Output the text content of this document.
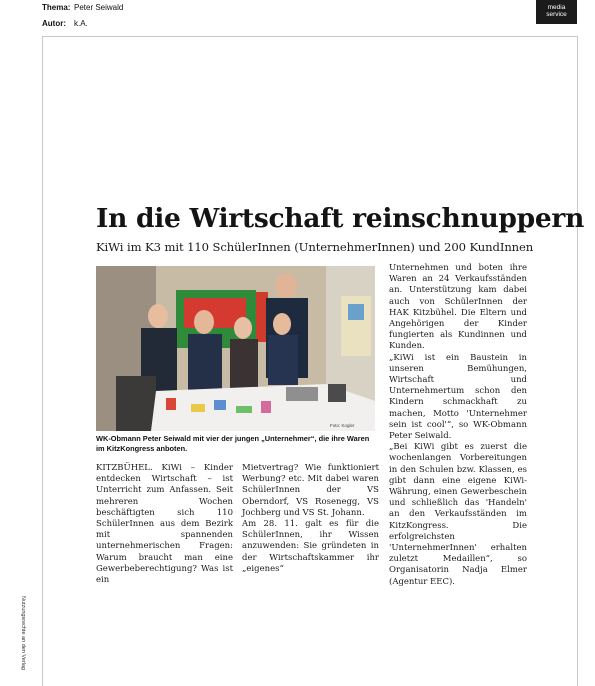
Thema: Peter Seiwald
Autor: k.A.
media
service
Nutzungsrechte an den Verlag
In die Wirtschaft reinschnuppern
KiWi im K3 mit 110 SchülerInnen (UnternehmerInnen) und 200 KundInnen
Foto: Kogler
WK-Obmann Peter Seiwald mit vier der jungen „Unternehmer“, die ihre Waren im KitzKongress anboten.

KITZBÜHEL. KiWi – Kinder entdecken Wirtschaft – ist Unterricht zum Anfassen. Seit mehreren Wochen beschäftigten sich 110 SchülerInnen aus dem Bezirk mit spannenden unternehmerischen Fragen: Warum braucht man eine Gewerbeberechtigung? Was ist ein

Mietvertrag? Wie funktioniert Werbung? etc. Mit dabei waren SchülerInnen der VS Oberndorf, VS Rosenegg, VS Jochberg und VS St. Johann.

Am 28. 11. galt es für die SchülerInnen, ihr Wissen anzuwenden: Sie gründeten in der Wirtschaftskammer ihr „eigenes“

Unternehmen und boten ihre Waren an 24 Verkaufsständen an. Unterstützung kam dabei auch von SchülerInnen der HAK Kitzbühel. Die Eltern und Angehörigen der Kinder fungierten als Kundinnen und Kunden.

„KiWi ist ein Baustein in unseren Bemühungen, Wirtschaft und Unternehmertum schon den Kindern schmackhaft zu machen, Motto 'Unternehmer sein ist cool'“, so WK-Obmann Peter Seiwald.

„Bei KiWi gibt es zuerst die wochenlangen Vorbereitungen in den Schulen bzw. Klassen, es gibt dann eine eigene KiWi-Währung, einen Gewerbeschein und schließlich das 'Handeln' an den Verkaufsständen im KitzKongress. Die erfolgreichsten 'UnternehmerInnen' erhalten zuletzt Medaillen“, so Organisatorin Nadja Elmer (Agentur EEC).
